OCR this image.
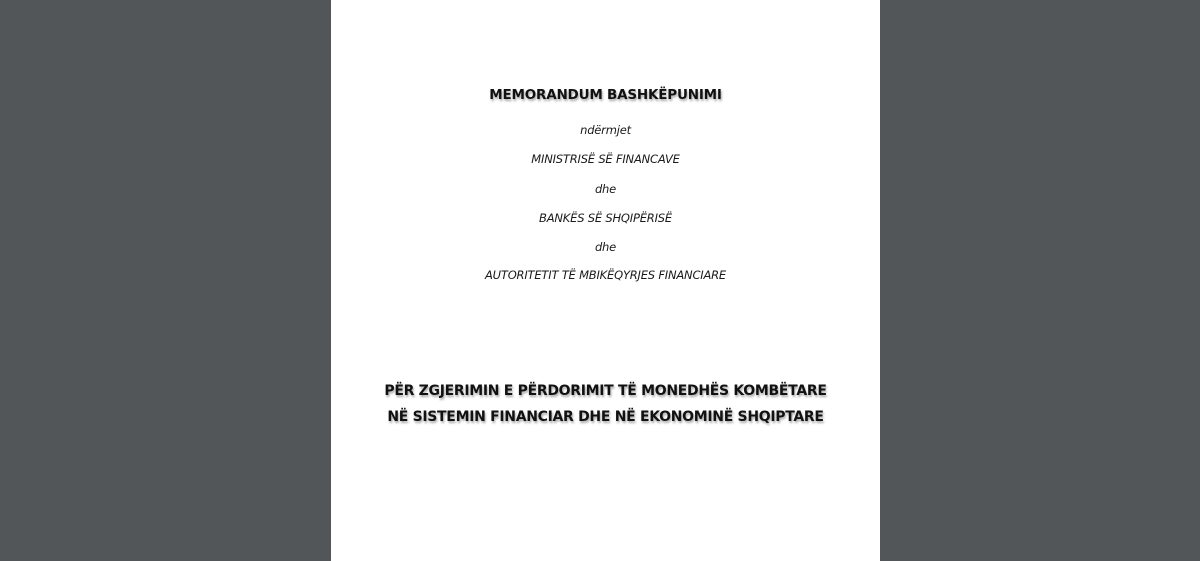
MEMORANDUM BASHKËPUNIMI
ndërmjet
MINISTRISË SË FINANCAVE
dhe
BANKËS SË SHQIPËRISË
dhe
AUTORITETIT TË MBIKËQYRJES FINANCIARE
PËR ZGJERIMIN E PËRDORIMIT TË MONEDHËS KOMBËTARE
NË SISTEMIN FINANCIAR DHE NË EKONOMINË SHQIPTARE
